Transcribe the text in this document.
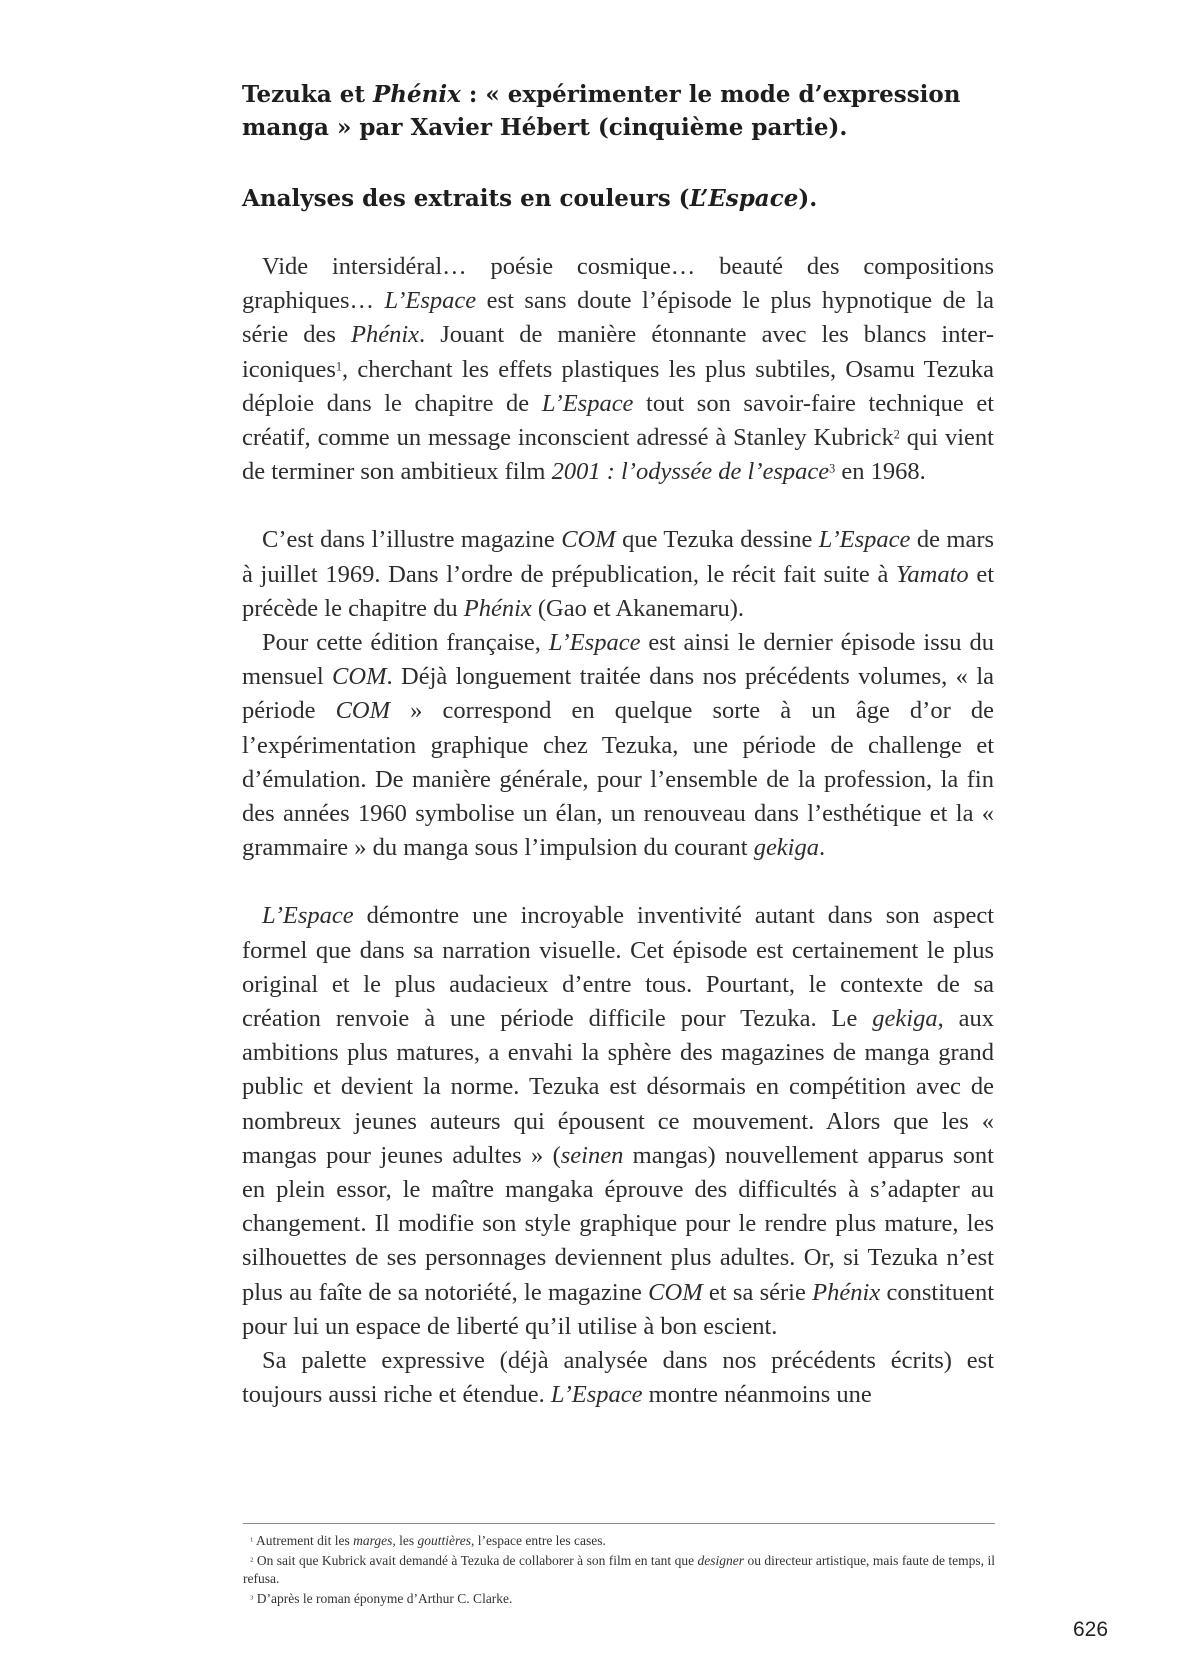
Tezuka et Phénix : « expérimenter le mode d’expression manga » par Xavier Hébert (cinquième partie).
Analyses des extraits en couleurs (L’Espace).

Vide intersidéral… poésie cosmique… beauté des compositions graphiques… L’Espace est sans doute l’épisode le plus hypnotique de la série des Phénix. Jouant de manière étonnante avec les blancs inter-iconiques$^1$, cherchant les effets plastiques les plus subtiles, Osamu Tezuka déploie dans le chapitre de L’Espace tout son savoir-faire technique et créatif, comme un message inconscient adressé à Stanley Kubrick$^2$ qui vient de terminer son ambitieux film 2001 : l’odyssée de l’espace$^3$ en 1968.

C’est dans l’illustre magazine COM que Tezuka dessine L’Espace de mars à juillet 1969. Dans l’ordre de prépublication, le récit fait suite à Yamato et précède le chapitre du Phénix (Gao et Akanemaru).

Pour cette édition française, L’Espace est ainsi le dernier épisode issu du mensuel COM. Déjà longuement traitée dans nos précédents volumes, « la période COM » correspond en quelque sorte à un âge d’or de l’expérimentation graphique chez Tezuka, une période de challenge et d’émulation. De manière générale, pour l’ensemble de la profession, la fin des années 1960 symbolise un élan, un renouveau dans l’esthétique et la « grammaire » du manga sous l’impulsion du courant gekiga.

L’Espace démontre une incroyable inventivité autant dans son aspect formel que dans sa narration visuelle. Cet épisode est certainement le plus original et le plus audacieux d’entre tous. Pourtant, le contexte de sa création renvoie à une période difficile pour Tezuka. Le gekiga, aux ambitions plus matures, a envahi la sphère des magazines de manga grand public et devient la norme. Tezuka est désormais en compétition avec de nombreux jeunes auteurs qui épousent ce mouvement. Alors que les « mangas pour jeunes adultes » (seinen mangas) nouvellement apparus sont en plein essor, le maître mangaka éprouve des difficultés à s’adapter au changement. Il modifie son style graphique pour le rendre plus mature, les silhouettes de ses personnages deviennent plus adultes. Or, si Tezuka n’est plus au faîte de sa notoriété, le magazine COM et sa série Phénix constituent pour lui un espace de liberté qu’il utilise à bon escient.

Sa palette expressive (déjà analysée dans nos précédents écrits) est toujours aussi riche et étendue. L’Espace montre néanmoins une

$^1$ Autrement dit les marges, les gouttières, l’espace entre les cases.

$^2$ On sait que Kubrick avait demandé à Tezuka de collaborer à son film en tant que designer ou directeur artistique, mais faute de temps, il refusa.

$^3$ D’après le roman éponyme d’Arthur C. Clarke.

626
